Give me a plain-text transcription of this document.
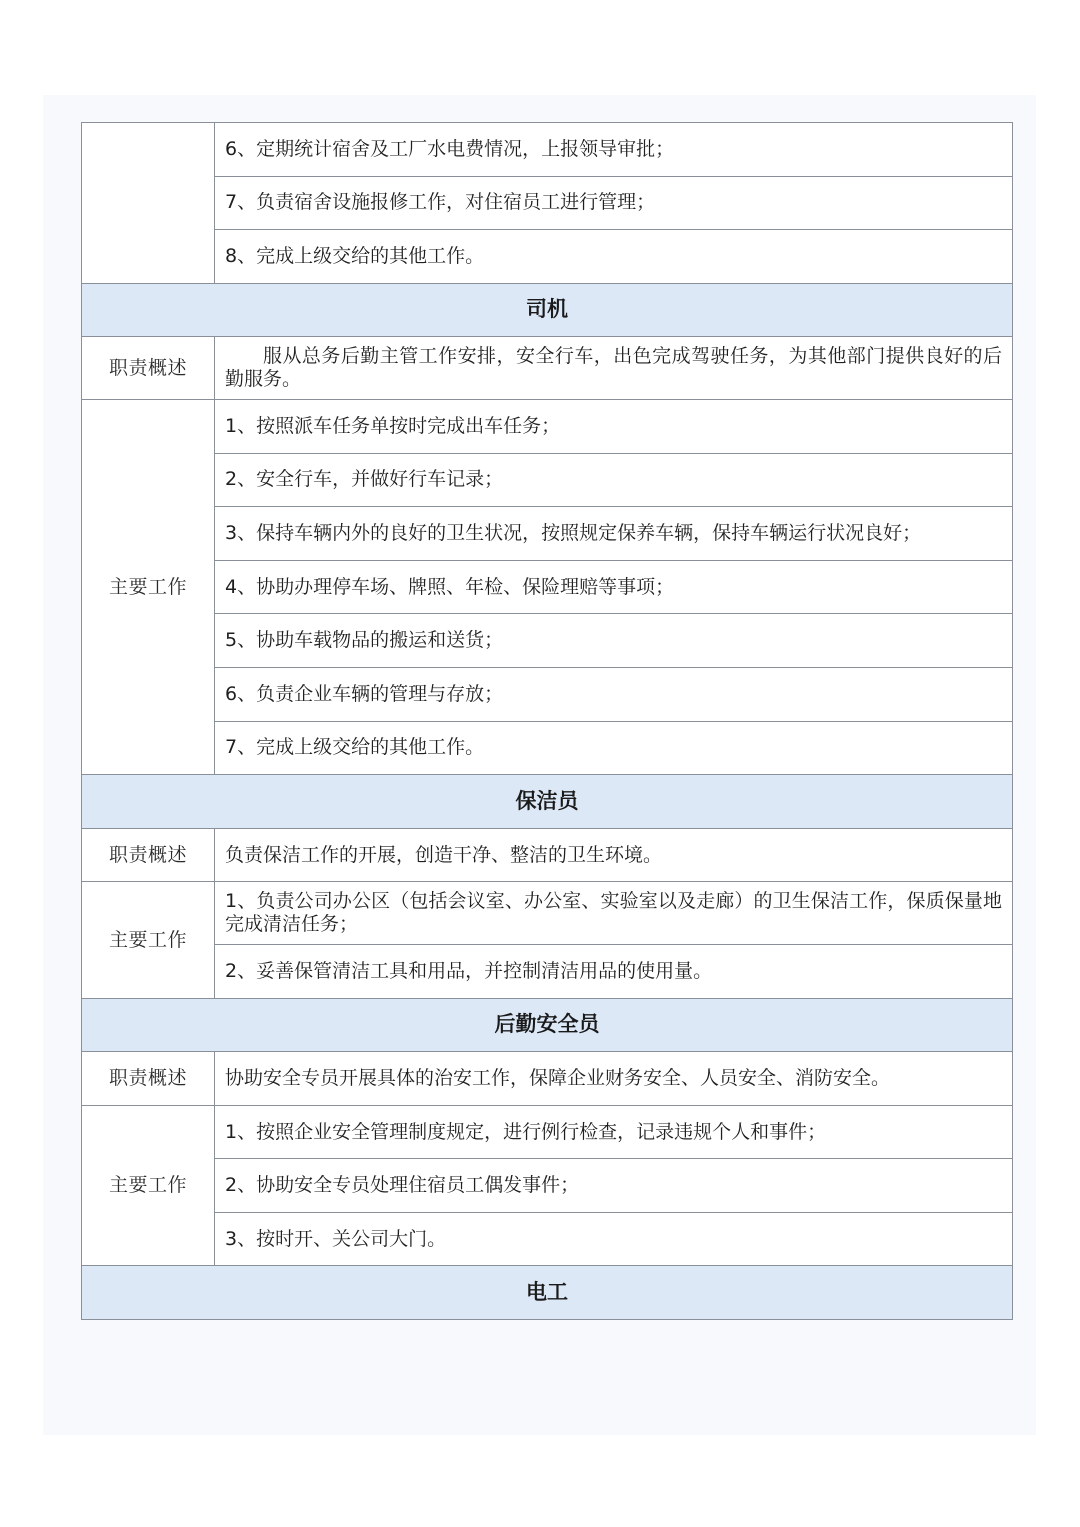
	6、定期统计宿舍及工厂水电费情况，上报领导审批；
	7、负责宿舍设施报修工作，对住宿员工进行管理；
	8、完成上级交给的其他工作。
司机	
职责概述	服从总务后勤主管工作安排，安全行车，出色完成驾驶任务，为其他部门提供良好的后勤服务。
主要工作	1、按照派车任务单按时完成出车任务；
	2、安全行车，并做好行车记录；
	3、保持车辆内外的良好的卫生状况，按照规定保养车辆，保持车辆运行状况良好；
	4、协助办理停车场、牌照、年检、保险理赔等事项；
	5、协助车载物品的搬运和送货；
	6、负责企业车辆的管理与存放；
	7、完成上级交给的其他工作。
保洁员	
职责概述	负责保洁工作的开展，创造干净、整洁的卫生环境。
主要工作	1、负责公司办公区（包括会议室、办公室、实验室以及走廊）的卫生保洁工作，保质保量地完成清洁任务；
	2、妥善保管清洁工具和用品，并控制清洁用品的使用量。
后勤安全员	
职责概述	协助安全专员开展具体的治安工作，保障企业财务安全、人员安全、消防安全。
主要工作	1、按照企业安全管理制度规定，进行例行检查，记录违规个人和事件；
	2、协助安全专员处理住宿员工偶发事件；
	3、按时开、关公司大门。
电工	
